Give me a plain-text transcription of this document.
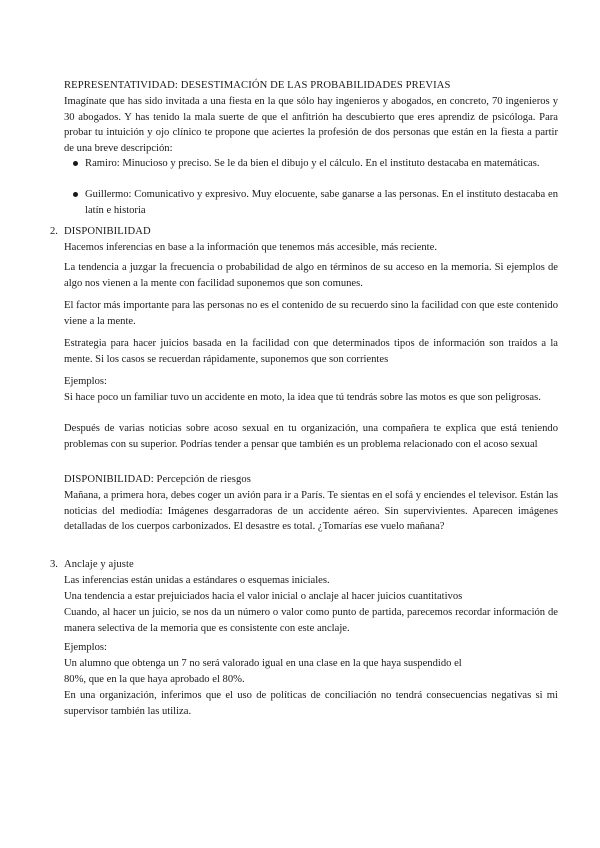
REPRESENTATIVIDAD: DESESTIMACIÓN DE LAS PROBABILIDADES PREVIAS

Imagínate que has sido invitada a una fiesta en la que sólo hay ingenieros y abogados, en concreto, 70 ingenieros y 30 abogados. Y has tenido la mala suerte de que el anfitrión ha descubierto que eres aprendiz de psicóloga. Para probar tu intuición y ojo clínico te propone que aciertes la profesión de dos personas que están en la fiesta a partir de una breve descripción:

Ramiro: Minucioso y preciso. Se le da bien el dibujo y el cálculo. En el instituto destacaba en matemáticas.

Guillermo: Comunicativo y expresivo. Muy elocuente, sabe ganarse a las personas. En el instituto destacaba en latín e historia

2. DISPONIBILIDAD

Hacemos inferencias en base a la información que tenemos más accesible, más reciente.

La tendencia a juzgar la frecuencia o probabilidad de algo en términos de su acceso en la memoria. Si ejemplos de algo nos vienen a la mente con facilidad suponemos que son comunes.

El factor más importante para las personas no es el contenido de su recuerdo sino la facilidad con que este contenido viene a la mente.

Estrategia para hacer juicios basada en la facilidad con que determinados tipos de información son traídos a la mente. Si los casos se recuerdan rápidamente, suponemos que son corrientes

Ejemplos:

Si hace poco un familiar tuvo un accidente en moto, la idea que tú tendrás sobre las motos es que son peligrosas.

Después de varias noticias sobre acoso sexual en tu organización, una compañera te explica que está teniendo problemas con su superior. Podrías tender a pensar que también es un problema relacionado con el acoso sexual

DISPONIBILIDAD: Percepción de riesgos

Mañana, a primera hora, debes coger un avión para ir a París. Te sientas en el sofá y enciendes el televisor. Están las noticias del mediodía: Imágenes desgarradoras de un accidente aéreo. Sin supervivientes. Aparecen imágenes detalladas de los cuerpos carbonizados. El desastre es total. ¿Tomarías ese vuelo mañana?

3. Anclaje y ajuste

Las inferencias están unidas a estándares o esquemas iniciales.

Una tendencia a estar prejuiciados hacia el valor inicial o anclaje al hacer juicios cuantitativos

Cuando, al hacer un juicio, se nos da un número o valor como punto de partida, parecemos recordar información de manera selectiva de la memoria que es consistente con este anclaje.

Ejemplos:

Un alumno que obtenga un 7 no será valorado igual en una clase en la que haya suspendido el

80%, que en la que haya aprobado el 80%.

En una organización, inferimos que el uso de políticas de conciliación no tendrá consecuencias negativas si mi supervisor también las utiliza.
